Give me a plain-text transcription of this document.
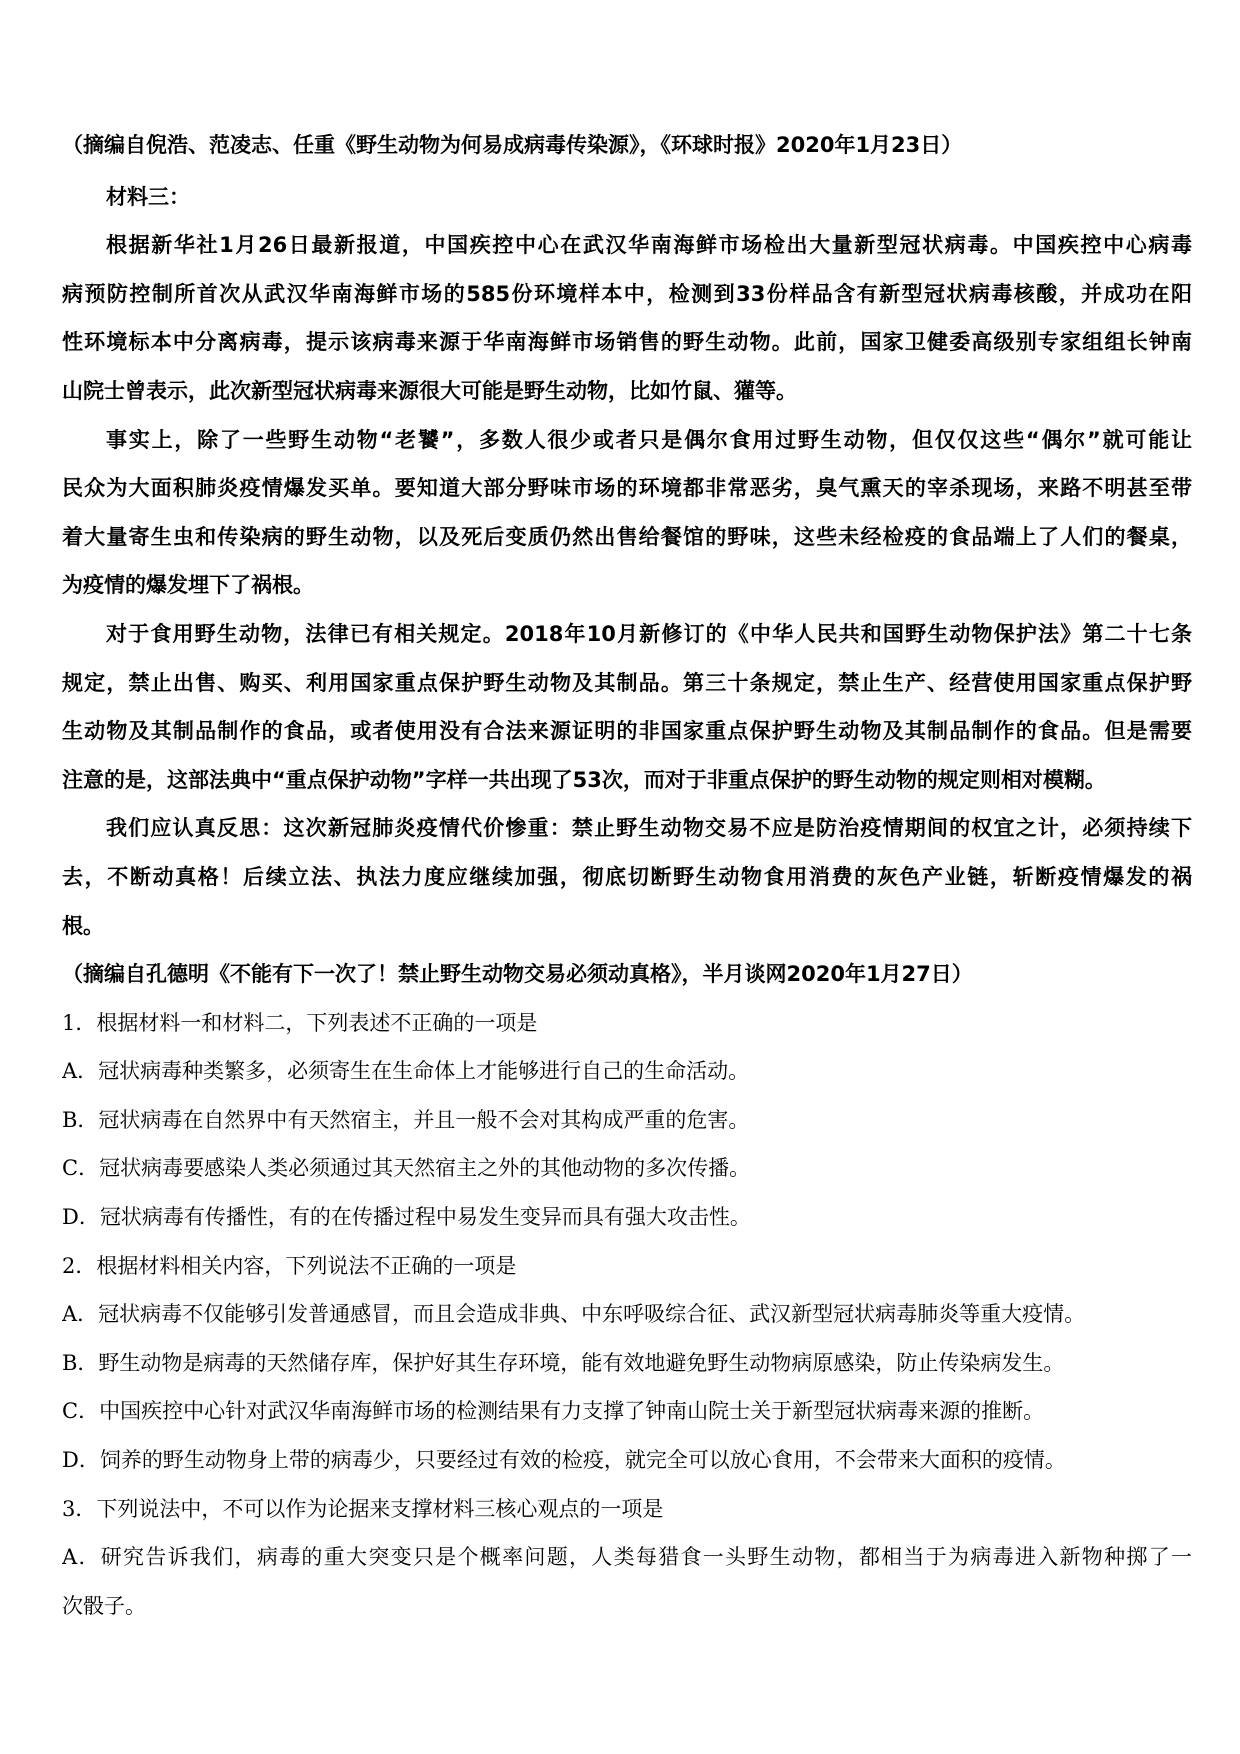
（摘编自倪浩、范凌志、任重《野生动物为何易成病毒传染源》，《环球时报》2020年1月23日）
材料三：
根据新华社1月26日最新报道，中国疾控中心在武汉华南海鲜市场检出大量新型冠状病毒。中国疾控中心病毒
病预防控制所首次从武汉华南海鲜市场的585份环境样本中，检测到33份样品含有新型冠状病毒核酸，并成功在阳
性环境标本中分离病毒，提示该病毒来源于华南海鲜市场销售的野生动物。此前，国家卫健委高级别专家组组长钟南
山院士曾表示，此次新型冠状病毒来源很大可能是野生动物，比如竹鼠、獾等。
事实上，除了一些野生动物“老饕”，多数人很少或者只是偶尔食用过野生动物，但仅仅这些“偶尔”就可能让
民众为大面积肺炎疫情爆发买单。要知道大部分野味市场的环境都非常恶劣，臭气熏天的宰杀现场，来路不明甚至带
着大量寄生虫和传染病的野生动物，以及死后变质仍然出售给餐馆的野味，这些未经检疫的食品端上了人们的餐桌，
为疫情的爆发埋下了祸根。
对于食用野生动物，法律已有相关规定。2018年10月新修订的《中华人民共和国野生动物保护法》第二十七条
规定，禁止出售、购买、利用国家重点保护野生动物及其制品。第三十条规定，禁止生产、经营使用国家重点保护野
生动物及其制品制作的食品，或者使用没有合法来源证明的非国家重点保护野生动物及其制品制作的食品。但是需要
注意的是，这部法典中“重点保护动物”字样一共出现了53次，而对于非重点保护的野生动物的规定则相对模糊。
我们应认真反思：这次新冠肺炎疫情代价惨重：禁止野生动物交易不应是防治疫情期间的权宜之计，必须持续下
去，不断动真格！后续立法、执法力度应继续加强，彻底切断野生动物食用消费的灰色产业链，斩断疫情爆发的祸
根。
（摘编自孔德明《不能有下一次了！禁止野生动物交易必须动真格》，半月谈网2020年1月27日）
1．根据材料一和材料二，下列表述不正确的一项是
A．冠状病毒种类繁多，必须寄生在生命体上才能够进行自己的生命活动。
B．冠状病毒在自然界中有天然宿主，并且一般不会对其构成严重的危害。
C．冠状病毒要感染人类必须通过其天然宿主之外的其他动物的多次传播。
D．冠状病毒有传播性，有的在传播过程中易发生变异而具有强大攻击性。
2．根据材料相关内容，下列说法不正确的一项是
A．冠状病毒不仅能够引发普通感冒，而且会造成非典、中东呼吸综合征、武汉新型冠状病毒肺炎等重大疫情。
B．野生动物是病毒的天然储存库，保护好其生存环境，能有效地避免野生动物病原感染，防止传染病发生。
C．中国疾控中心针对武汉华南海鲜市场的检测结果有力支撑了钟南山院士关于新型冠状病毒来源的推断。
D．饲养的野生动物身上带的病毒少，只要经过有效的检疫，就完全可以放心食用，不会带来大面积的疫情。
3．下列说法中，不可以作为论据来支撑材料三核心观点的一项是
A．研究告诉我们，病毒的重大突变只是个概率问题，人类每猎食一头野生动物，都相当于为病毒进入新物种掷了一
次骰子。
